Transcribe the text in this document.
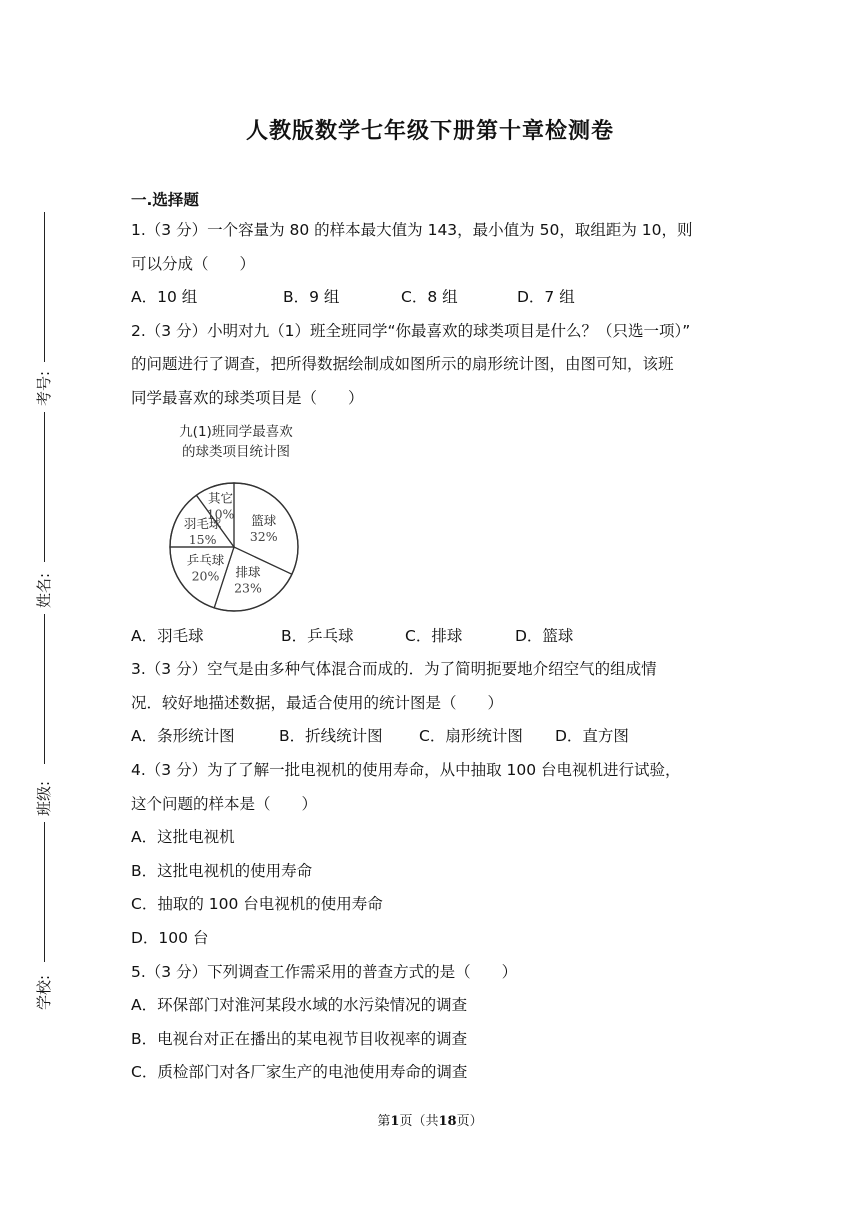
考号:
姓名:
班级:
学校:
人教版数学七年级下册第十章检测卷
一.选择题
1.（3 分）一个容量为 80 的样本最大值为 143，最小值为 50，取组距为 10，则
可以分成（　　）
A．10 组	B．9 组	C．8 组	D．7 组
2.（3 分）小明对九（1）班全班同学“你最喜欢的球类项目是什么？（只选一项）”
的问题进行了调查，把所得数据绘制成如图所示的扇形统计图，由图可知，该班
同学最喜欢的球类项目是（　　）
九(1)班同学最喜欢
的球类项目统计图
篮球
32%
排球
23%
乒乓球
20%
羽毛球
15%
其它
10%
A．羽毛球	B．乒乓球	C．排球	D．篮球
3.（3 分）空气是由多种气体混合而成的．为了简明扼要地介绍空气的组成情
况．较好地描述数据，最适合使用的统计图是（　　）
A．条形统计图	B．折线统计图	C．扇形统计图	D．直方图
4.（3 分）为了了解一批电视机的使用寿命，从中抽取 100 台电视机进行试验，
这个问题的样本是（　　）
A．这批电视机
B．这批电视机的使用寿命
C．抽取的 100 台电视机的使用寿命
D．100 台
5.（3 分）下列调查工作需采用的普查方式的是（　　）
A．环保部门对淮河某段水域的水污染情况的调查
B．电视台对正在播出的某电视节目收视率的调查
C．质检部门对各厂家生产的电池使用寿命的调查
第1页（共18页）
